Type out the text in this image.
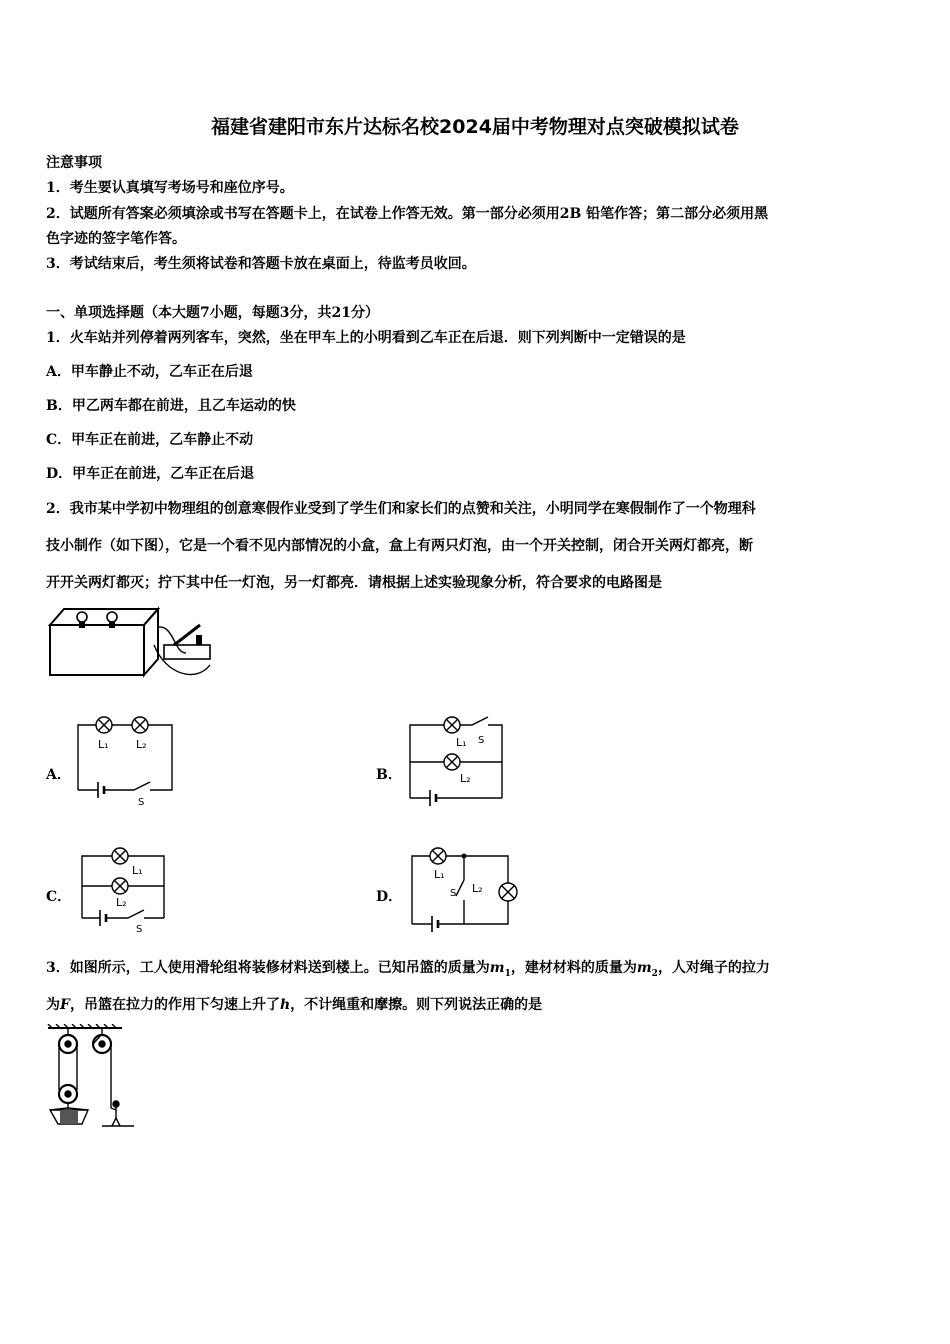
福建省建阳市东片达标名校2024届中考物理对点突破模拟试卷
注意事项
1．考生要认真填写考场号和座位序号。
2．试题所有答案必须填涂或书写在答题卡上，在试卷上作答无效。第一部分必须用2B 铅笔作答；第二部分必须用黑
色字迹的签字笔作答。
3．考试结束后，考生须将试卷和答题卡放在桌面上，待监考员收回。
一、单项选择题（本大题7小题，每题3分，共21分）
1．火车站并列停着两列客车，突然，坐在甲车上的小明看到乙车正在后退．则下列判断中一定错误的是
A．甲车静止不动，乙车正在后退
B．甲乙两车都在前进，且乙车运动的快
C．甲车正在前进，乙车静止不动
D．甲车正在前进，乙车正在后退
2．我市某中学初中物理组的创意寒假作业受到了学生们和家长们的点赞和关注，小明同学在寒假制作了一个物理科
技小制作（如下图），它是一个看不见内部情况的小盒，盒上有两只灯泡，由一个开关控制，闭合开关两灯都亮，断
开开关两灯都灭；拧下其中任一灯泡，另一灯都亮．请根据上述实验现象分析，符合要求的电路图是
A．
L₁ L₂
S
B．
L₁ S
L₂
C．
L₁
L₂
S
D．
L₁
S L₂
3．如图所示，工人使用滑轮组将装修材料送到楼上。已知吊篮的质量为$m_1$，建材材料的质量为$m_2$，人对绳子的拉力
为F，吊篮在拉力的作用下匀速上升了h，不计绳重和摩擦。则下列说法正确的是
